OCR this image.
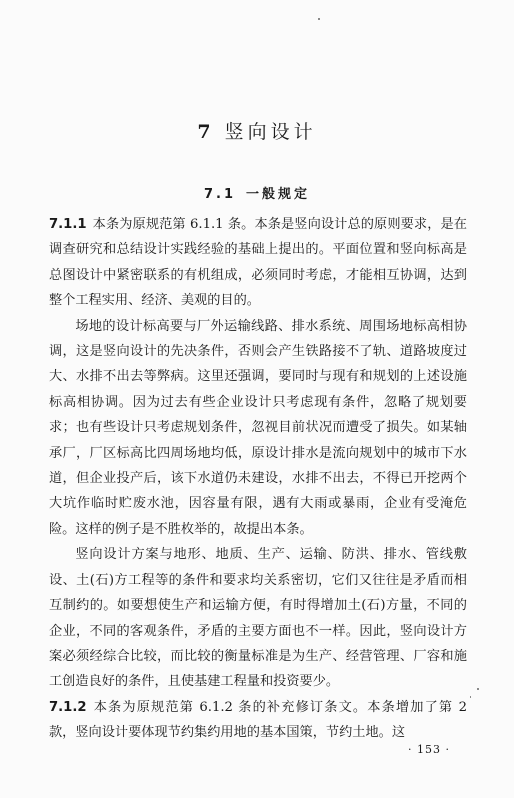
7 竖向设计
7.1 一般规定

7.1.1 本条为原规范第 6.1.1 条。本条是竖向设计总的原则要求，是在调查研究和总结设计实践经验的基础上提出的。平面位置和竖向标高是总图设计中紧密联系的有机组成，必须同时考虑，才能相互协调，达到整个工程实用、经济、美观的目的。

场地的设计标高要与厂外运输线路、排水系统、周围场地标高相协调，这是竖向设计的先决条件，否则会产生铁路接不了轨、道路坡度过大、水排不出去等弊病。这里还强调，要同时与现有和规划的上述设施标高相协调。因为过去有些企业设计只考虑现有条件，忽略了规划要求；也有些设计只考虑规划条件，忽视目前状况而遭受了损失。如某轴承厂，厂区标高比四周场地均低，原设计排水是流向规划中的城市下水道，但企业投产后，该下水道仍未建设，水排不出去，不得已开挖两个大坑作临时贮废水池，因容量有限，遇有大雨或暴雨，企业有受淹危险。这样的例子是不胜枚举的，故提出本条。

竖向设计方案与地形、地质、生产、运输、防洪、排水、管线敷设、土(石)方工程等的条件和要求均关系密切，它们又往往是矛盾而相互制约的。如要想使生产和运输方便，有时得增加土(石)方量，不同的企业，不同的客观条件，矛盾的主要方面也不一样。因此，竖向设计方案必须经综合比较，而比较的衡量标准是为生产、经营管理、厂容和施工创造良好的条件，且使基建工程量和投资要少。

7.1.2 本条为原规范第 6.1.2 条的补充修订条文。本条增加了第 2 款，竖向设计要体现节约集约用地的基本国策，节约土地。这

· 153 ·
